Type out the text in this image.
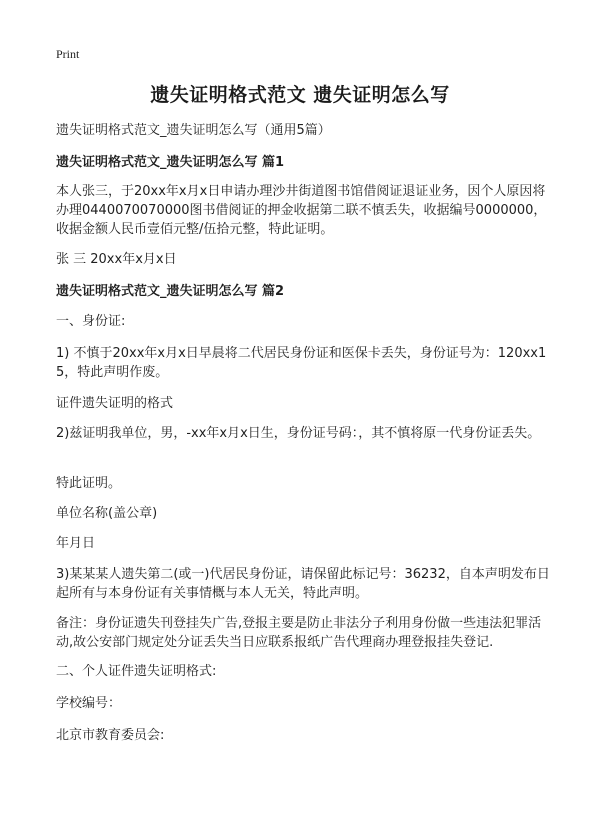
Print
遗失证明格式范文 遗失证明怎么写
遗失证明格式范文_遗失证明怎么写（通用5篇）
遗失证明格式范文_遗失证明怎么写 篇1
本人张三，于20xx年x月x日申请办理沙井街道图书馆借阅证退证业务，因个人原因将办理0440070070000图书借阅证的押金收据第二联不慎丢失，收据编号0000000，收据金额人民币壹佰元整/伍拾元整，特此证明。
张 三 20xx年x月x日
遗失证明格式范文_遗失证明怎么写 篇2
一、身份证:
1) 不慎于20xx年x月x日早晨将二代居民身份证和医保卡丢失，身份证号为：120xx15，特此声明作废。
证件遗失证明的格式
2)兹证明我单位，男，-xx年x月x日生，身份证号码：，其不慎将原一代身份证丢失。
特此证明。
单位名称(盖公章)
年月日
3)某某某人遗失第二(或一)代居民身份证，请保留此标记号：36232，自本声明发布日起所有与本身份证有关事情概与本人无关，特此声明。
备注：身份证遗失刊登挂失广告,登报主要是防止非法分子利用身份做一些违法犯罪活动,故公安部门规定处分证丢失当日应联系报纸广告代理商办理登报挂失登记.
二、个人证件遗失证明格式:
学校编号：
北京市教育委员会:
